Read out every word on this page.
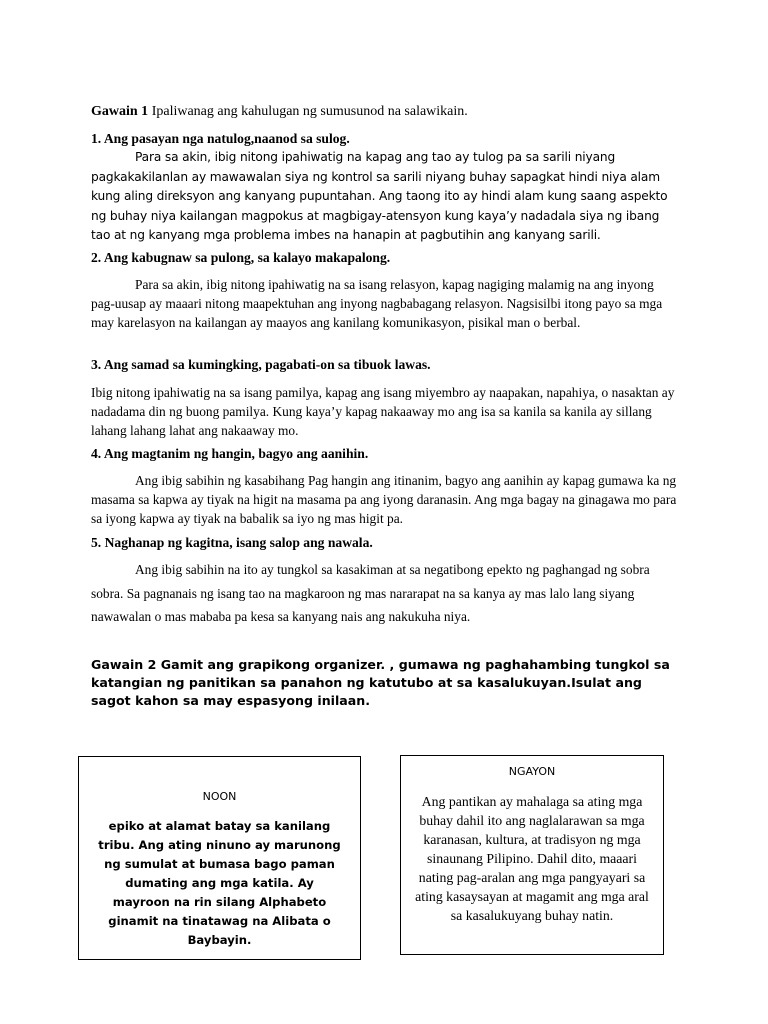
Gawain 1 Ipaliwanag ang kahulugan ng sumusunod na salawikain.

1. Ang pasayan nga natulog,naanod sa sulog.

Para sa akin, ibig nitong ipahiwatig na kapag ang tao ay tulog pa sa sarili niyang pagkakakilanlan ay mawawalan siya ng kontrol sa sarili niyang buhay sapagkat hindi niya alam kung aling direksyon ang kanyang pupuntahan. Ang taong ito ay hindi alam kung saang aspekto ng buhay niya kailangan magpokus at magbigay-atensyon kung kaya’y nadadala siya ng ibang tao at ng kanyang mga problema imbes na hanapin at pagbutihin ang kanyang sarili.

2. Ang kabugnaw sa pulong, sa kalayo makapalong.

Para sa akin, ibig nitong ipahiwatig na sa isang relasyon, kapag nagiging malamig na ang inyong pag-uusap ay maaari nitong maapektuhan ang inyong nagbabagang relasyon. Nagsisilbi itong payo sa mga may karelasyon na kailangan ay maayos ang kanilang komunikasyon, pisikal man o berbal.

3. Ang samad sa kumingking, pagabati-on sa tibuok lawas.

Ibig nitong ipahiwatig na sa isang pamilya, kapag ang isang miyembro ay naapakan, napahiya, o nasaktan ay nadadama din ng buong pamilya. Kung kaya’y kapag nakaaway mo ang isa sa kanila sa kanila ay sillang lahang lahang lahat ang nakaaway mo.

4. Ang magtanim ng hangin, bagyo ang aanihin.

Ang ibig sabihin ng kasabihang Pag hangin ang itinanim, bagyo ang aanihin ay kapag gumawa ka ng masama sa kapwa ay tiyak na higit na masama pa ang iyong daranasin. Ang mga bagay na ginagawa mo para sa iyong kapwa ay tiyak na babalik sa iyo ng mas higit pa.

5. Naghanap ng kagitna, isang salop ang nawala.

Ang ibig sabihin na ito ay tungkol sa kasakiman at sa negatibong epekto ng paghangad ng sobra sobra. Sa pagnanais ng isang tao na magkaroon ng mas nararapat na sa kanya ay mas lalo lang siyang nawawalan o mas mababa pa kesa sa kanyang nais ang nakukuha niya.

Gawain 2 Gamit ang grapikong organizer. , gumawa ng paghahambing tungkol sa katangian ng panitikan sa panahon ng katutubo at sa kasalukuyan.Isulat ang sagot kahon sa may espasyong inilaan.

NOON

epiko at alamat batay sa kanilang tribu. Ang ating ninuno ay marunong ng sumulat at bumasa bago paman dumating ang mga katila. Ay mayroon na rin silang Alphabeto ginamit na tinatawag na Alibata o Baybayin.

NGAYON

Ang pantikan ay mahalaga sa ating mga buhay dahil ito ang naglalarawan sa mga karanasan, kultura, at tradisyon ng mga sinaunang Pilipino. Dahil dito, maaari nating pag-aralan ang mga pangyayari sa ating kasaysayan at magamit ang mga aral sa kasalukuyang buhay natin.
